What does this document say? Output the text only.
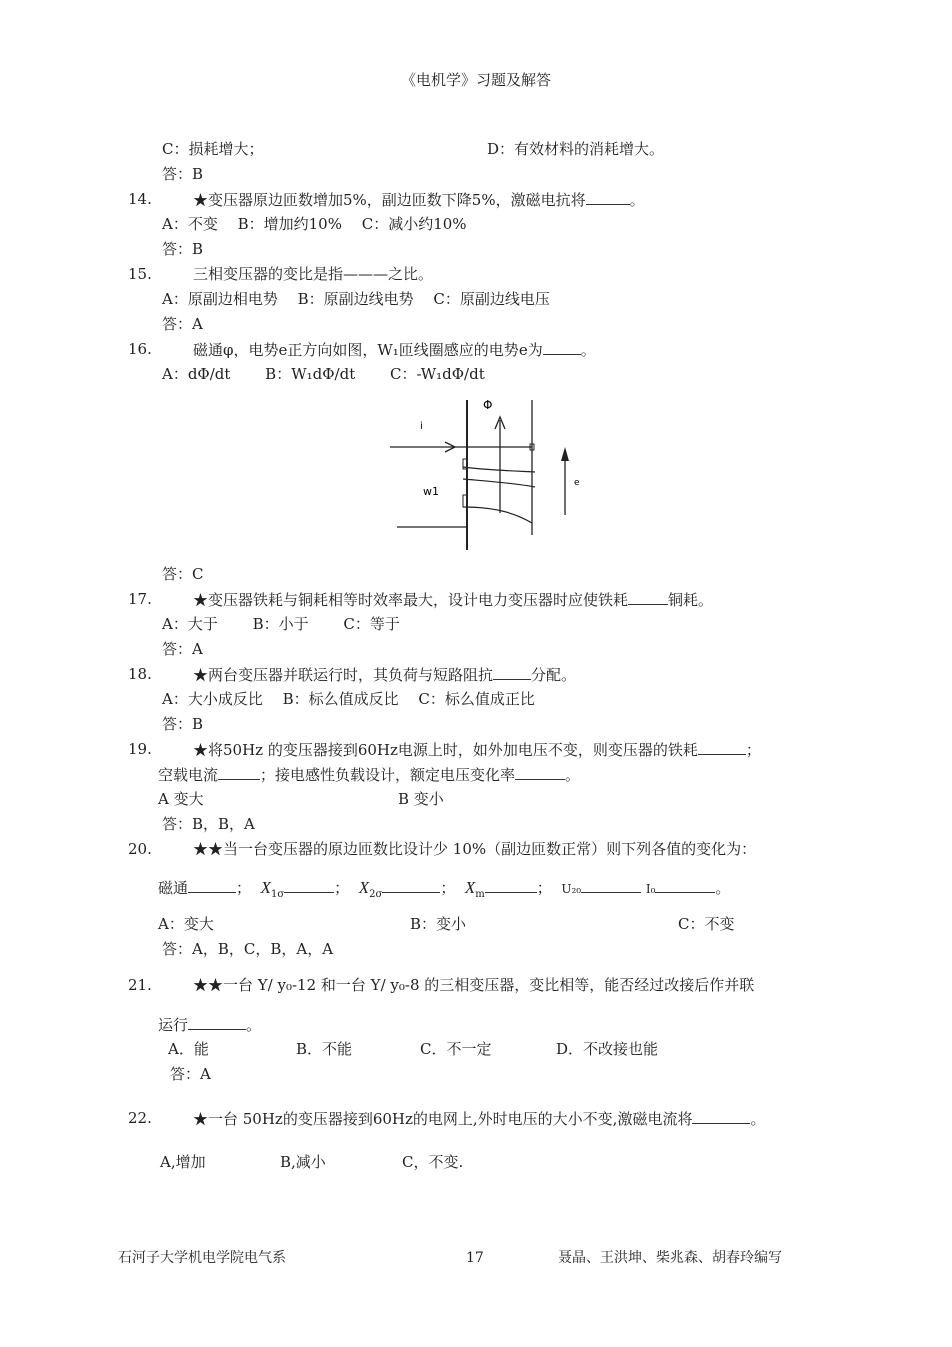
《电机学》习题及解答
C：损耗增大；	D：有效材料的消耗增大。
答：B
14.	★变压器原边匝数增加5%，副边匝数下降5%，激磁电抗将	。
A：不变　 B：增加约10%　 C：减小约10%
答：B
15.	三相变压器的变比是指———之比。
A：原副边相电势　 B：原副边线电势　 C：原副边线电压
答：A
16.	磁通φ，电势e正方向如图，W₁匝线圈感应的电势e为	。
A：dΦ/dt　　 B：W₁dΦ/dt　　 C：-W₁dΦ/dt
Φ
i
w1
e
答：C
17.	★变压器铁耗与铜耗相等时效率最大，设计电力变压器时应使铁耗	铜耗。
A：大于　　 B：小于　　 C：等于
答：A
18.	★两台变压器并联运行时，其负荷与短路阻抗	分配。
A：大小成反比　 B：标么值成反比　 C：标么值成正比
答：B
19.	★将50Hz 的变压器接到60Hz电源上时，如外加电压不变，则变压器的铁耗	；
空载电流	；接电感性负载设计，额定电压变化率	。
A 变大	B 变小
答：B，B，A
20.	★★当一台变压器的原边匝数比设计少 10%（副边匝数正常）则下列各值的变化为：
磁通	； $X_{1\sigma}$	； $X_{2\sigma}$	； $X_m$	； U₂₀	I₀	。
A：变大	B：变小	C：不变
答：A，B，C，B，A，A
21.	★★一台 Y/ y₀-12 和一台 Y/ y₀-8 的三相变压器，变比相等，能否经过改接后作并联
运行	。
A．能	B．不能	C．不一定	D．不改接也能
答：A
22.	★一台 50Hz的变压器接到60Hz的电网上,外时电压的大小不变,激磁电流将	。
A,增加	B,减小	C，不变.
石河子大学机电学院电气系	17	聂晶、王洪坤、柴兆森、胡春玲编写
